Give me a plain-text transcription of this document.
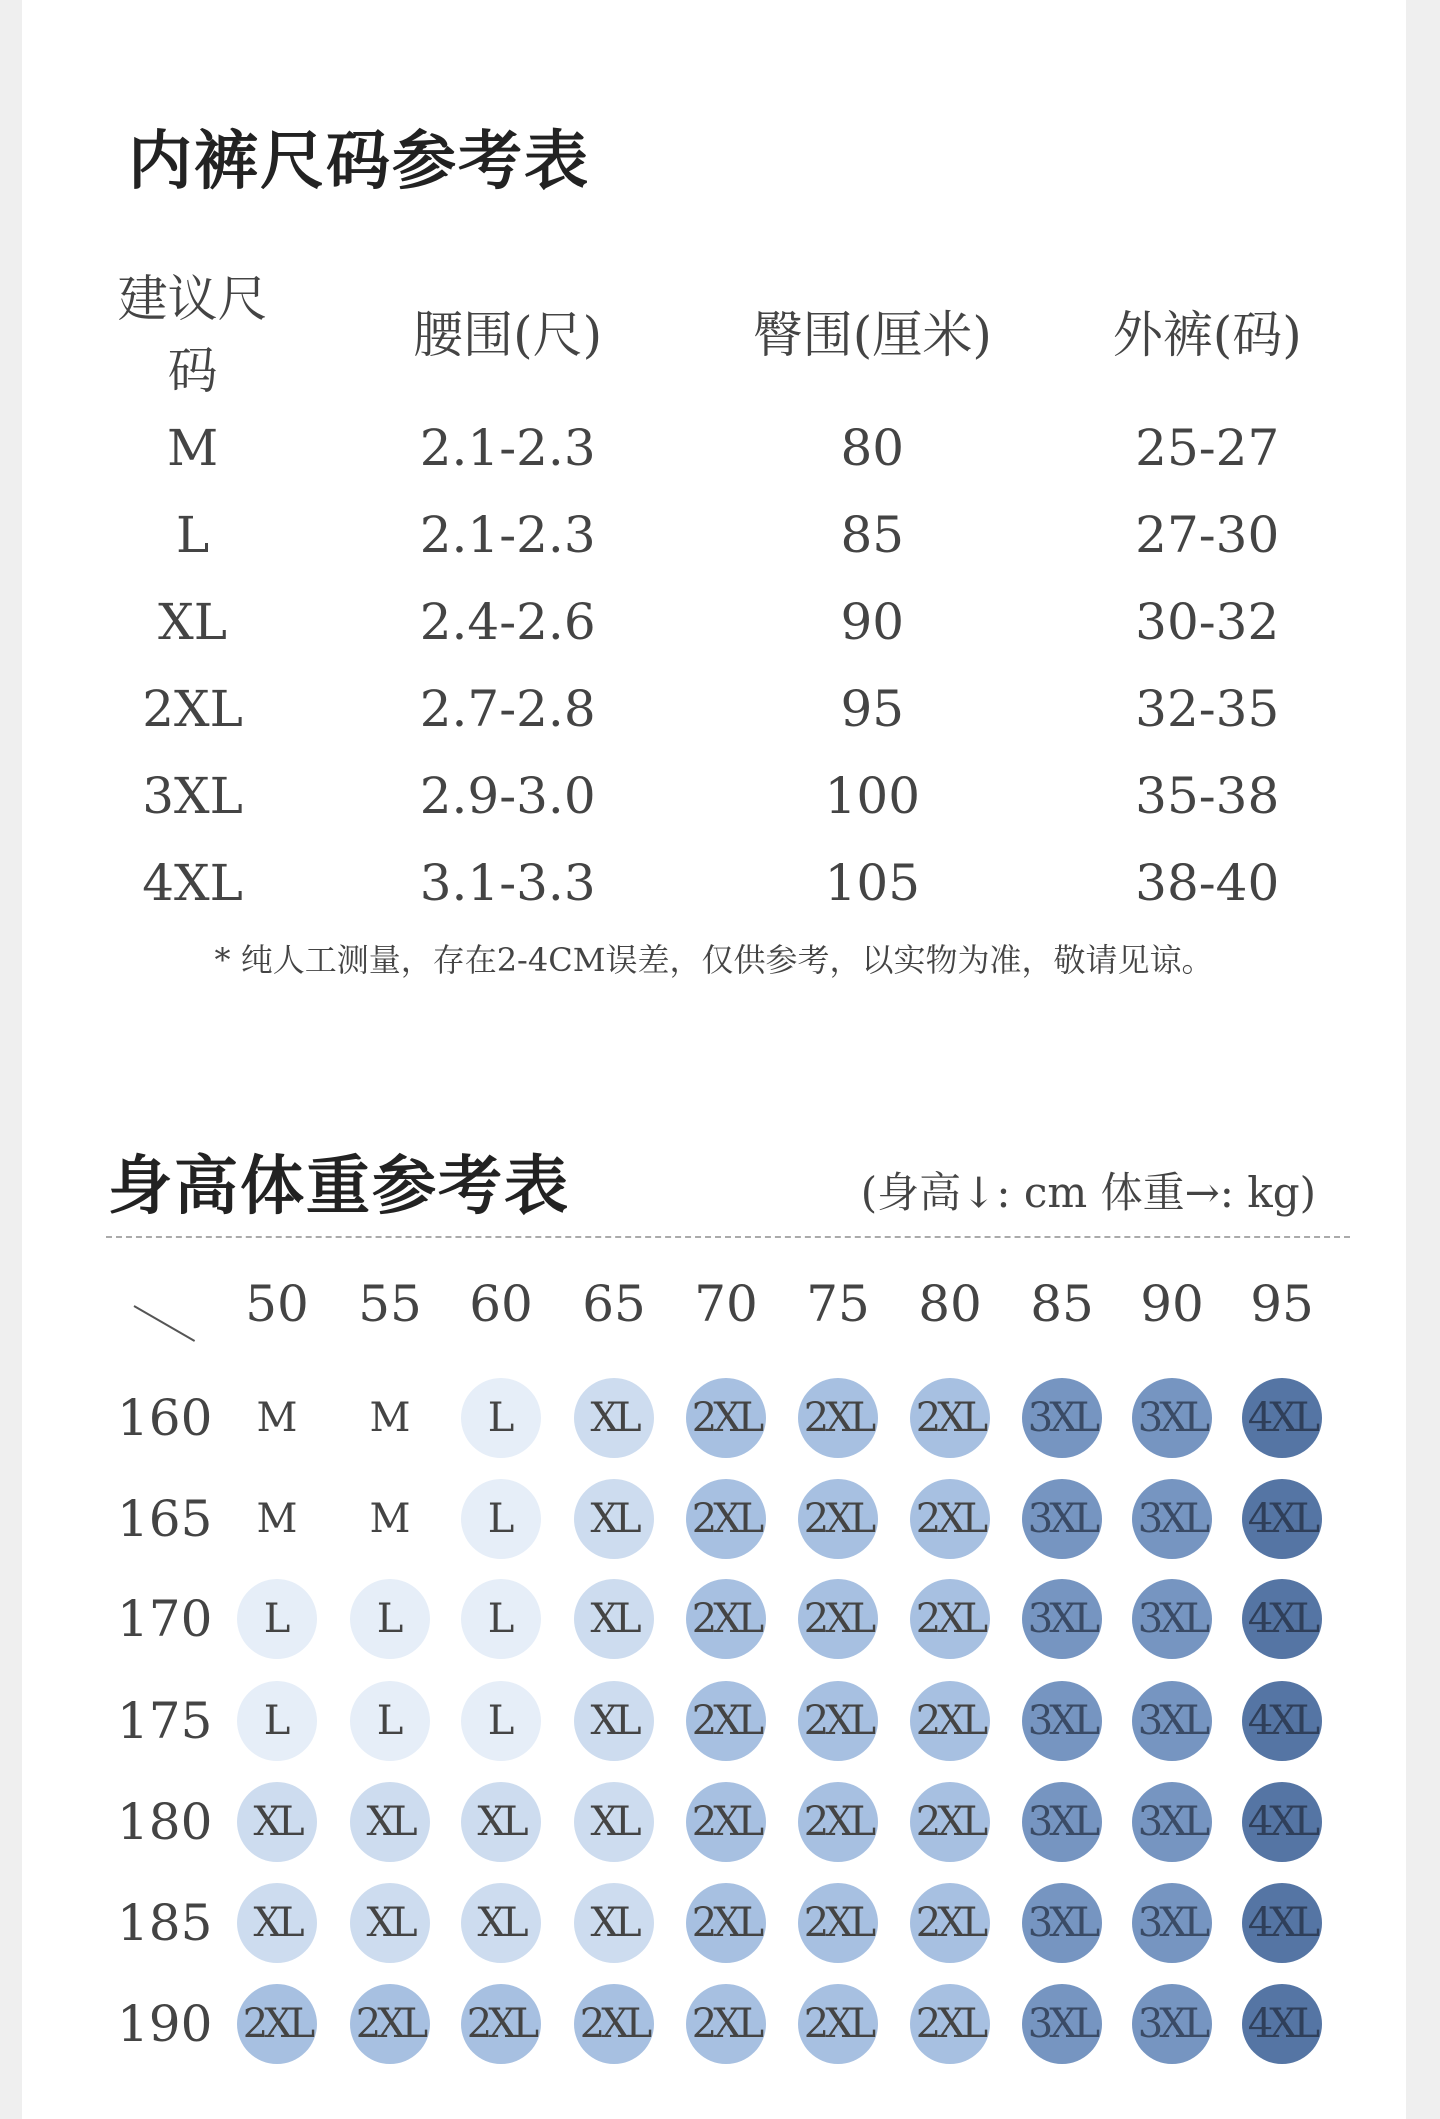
内裤尺码参考表
建议尺码	腰围(尺)	臀围(厘米)	外裤(码)
M	2.1-2.3	80	25-27
L	2.1-2.3	85	27-30
XL	2.4-2.6	90	30-32
2XL	2.7-2.8	95	32-35
3XL	2.9-3.0	100	35-38
4XL	3.1-3.3	105	38-40
* 纯人工测量，存在2-4CM误差，仅供参考，以实物为准，敬请见谅。
身高体重参考表	(身高↓: cm 体重→: kg)
50 55 60 65 70 75 80 85 90 95
160	M	M	L	XL	2XL 2XL 2XL 3XL 3XL 4XL
165	M	M	L	XL	2XL 2XL 2XL 3XL 3XL 4XL
170	L	L	L	XL	2XL 2XL 2XL 3XL 3XL 4XL
175	L	L	L	XL	2XL 2XL 2XL 3XL 3XL 4XL
180	XL	XL	XL	XL	2XL 2XL 2XL 3XL 3XL 4XL
185	XL	XL	XL	XL	2XL 2XL 2XL 3XL 3XL 4XL
190 2XL 2XL 2XL 2XL 2XL 2XL 2XL 3XL 3XL 4XL
